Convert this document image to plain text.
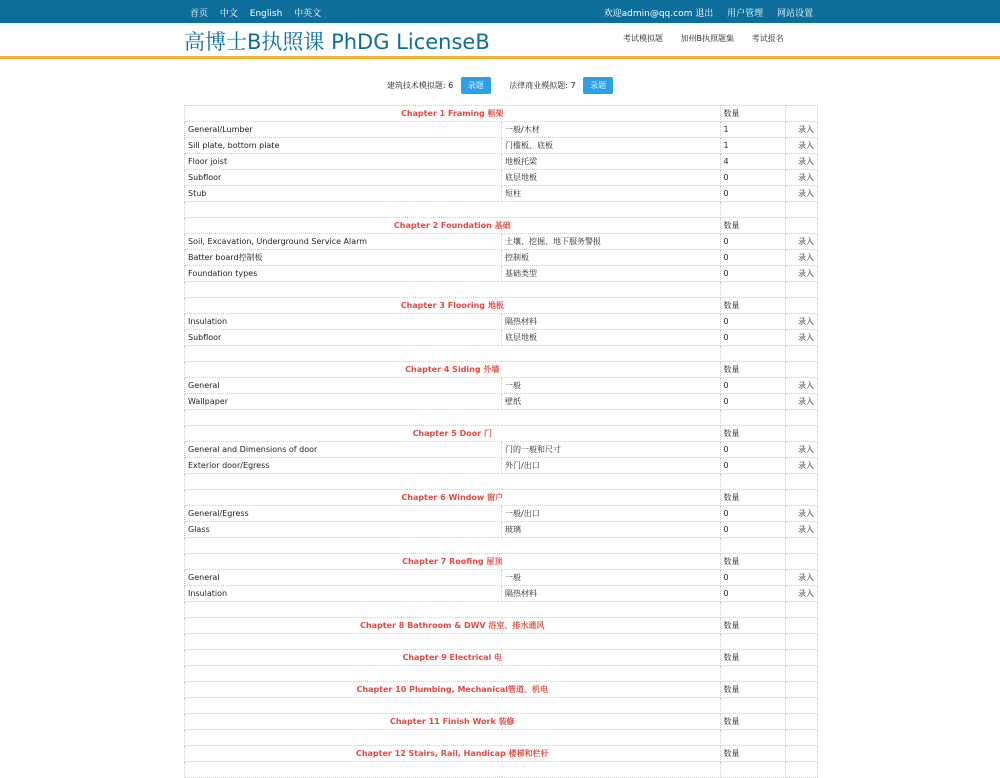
首页 中文 English 中英文	欢迎admin@qq.com 退出 用户管理 网站设置
高博士B执照课 PhDG LicenseB	考试模拟题 加州B执照题集 考试报名
建筑技术模拟题: 6 录题	法律商业模拟题: 7 录题
Chapter 1 Framing 框架		数量	
General/Lumber	一般/木材	1	录入
Sill plate, bottom plate	门槛板、底板	1	录入
Floor joist	地板托梁	4	录入
Subfloor	底层地板	0	录入
Stub	短柱	0	录入

Chapter 2 Foundation 基础		数量	
Soil, Excavation, Underground Service Alarm	土壤、挖掘、地下服务警报	0	录入
Batter board控制板	控制板	0	录入
Foundation types	基础类型	0	录入

Chapter 3 Flooring 地板		数量	
Insulation	隔热材料	0	录入
Subfloor	底层地板	0	录入

Chapter 4 Siding 外墙		数量	
General	一般	0	录入
Wallpaper	壁纸	0	录入

Chapter 5 Door 门		数量	
General and Dimensions of door	门的一般和尺寸	0	录入
Exterior door/Egress	外门/出口	0	录入

Chapter 6 Window 窗户		数量	
General/Egress	一般/出口	0	录入
Glass	玻璃	0	录入

Chapter 7 Roofing 屋顶		数量	
General	一般	0	录入
Insulation	隔热材料	0	录入

Chapter 8 Bathroom & DWV 浴室、排水通风		数量	

Chapter 9 Electrical 电		数量	

Chapter 10 Plumbing, Mechanical管道、机电		数量	

Chapter 11 Finish Work 装修		数量	

Chapter 12 Stairs, Rail, Handicap 楼梯和栏杆		数量	
